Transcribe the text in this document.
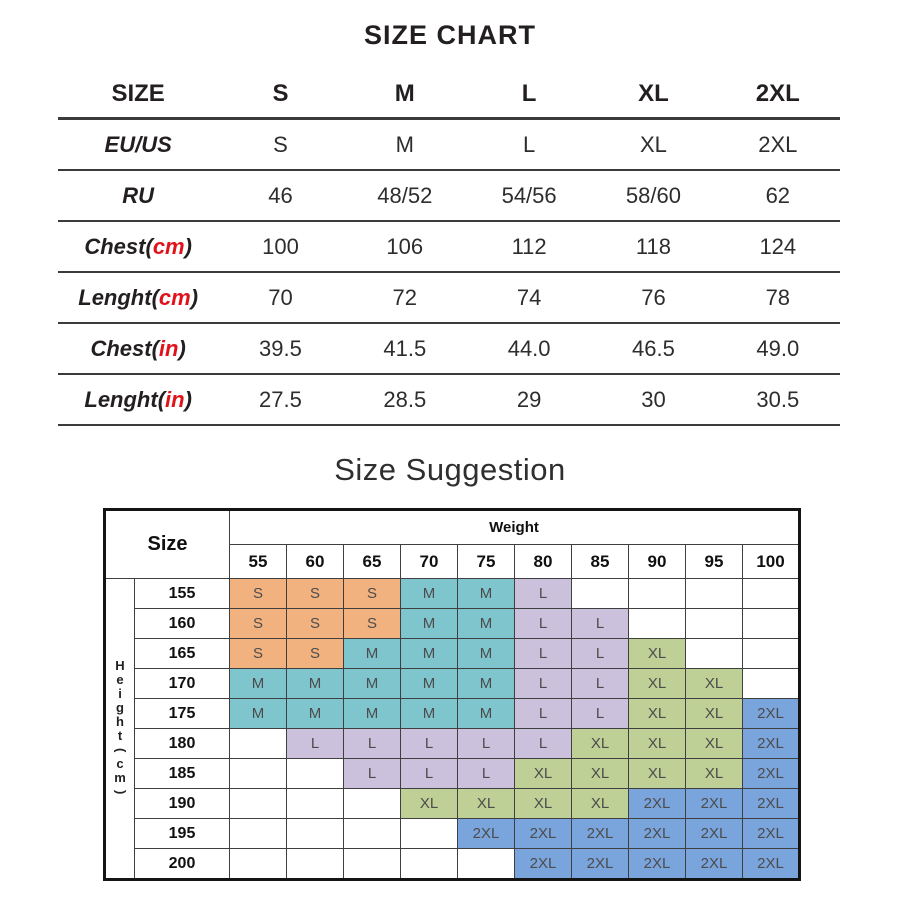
SIZE CHART
SIZE	S	M	L	XL	2XL
EU/US	S	M	L	XL	2XL
RU	46	48/52	54/56	58/60	62
Chest(cm)	100	106	112	118	124
Lenght(cm)	70	72	74	76	78
Chest(in)	39.5	41.5	44.0	46.5	49.0
Lenght(in)	27.5	28.5	29	30	30.5
Size Suggestion
Size		Weight									
		55	60	65	70	75	80	85	90	95	100

H
e
i
g
h
t
(
c
m
)
	155	S	S	S	M	M	L				
	160	S	S	S	M	M	L	L			
	165	S	S	M	M	M	L	L	XL		
	170	M	M	M	M	M	L	L	XL	XL	
	175	M	M	M	M	M	L	L	XL	XL	2XL
	180		L	L	L	L	L	XL	XL	XL	2XL
	185			L	L	L	XL	XL	XL	XL	2XL
	190				XL	XL	XL	XL	2XL	2XL	2XL
	195					2XL	2XL	2XL	2XL	2XL	2XL
	200						2XL	2XL	2XL	2XL	2XL
